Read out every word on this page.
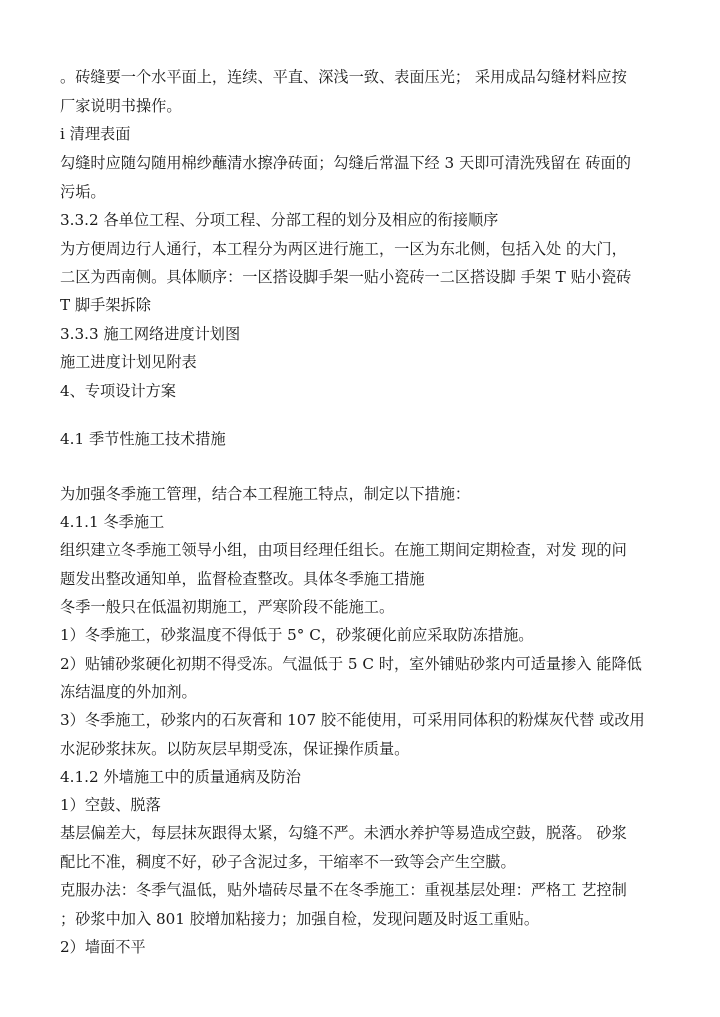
。砖缝要一个水平面上，连续、平直、深浅一致、表面压光； 采用成品勾缝材料应按
厂家说明书操作。
i 清理表面
勾缝时应随勾随用棉纱蘸清水擦净砖面；勾缝后常温下经 3 天即可清洗残留在 砖面的
污垢。
3.3.2 各单位工程、分项工程、分部工程的划分及相应的衔接顺序
为方便周边行人通行，本工程分为两区进行施工，一区为东北侧，包括入处 的大门，
二区为西南侧。具体顺序：一区搭设脚手架一贴小瓷砖一二区搭设脚 手架 T 贴小瓷砖
T 脚手架拆除
3.3.3 施工网络进度计划图
施工进度计划见附表
4、专项设计方案
4.1 季节性施工技术措施
为加强冬季施工管理，结合本工程施工特点，制定以下措施：
4.1.1 冬季施工
组织建立冬季施工领导小组，由项目经理任组长。在施工期间定期检查，对发 现的问
题发出整改通知单，监督检查整改。具体冬季施工措施
冬季一般只在低温初期施工，严寒阶段不能施工。
1）冬季施工，砂浆温度不得低于 5° C，砂浆硬化前应采取防冻措施。
2）贴铺砂浆硬化初期不得受冻。气温低于 5 C 时，室外铺贴砂浆内可适量掺入 能降低
冻结温度的外加剂。
3）冬季施工，砂浆内的石灰膏和 107 胶不能使用，可采用同体积的粉煤灰代替 或改用
水泥砂浆抹灰。以防灰层早期受冻，保证操作质量。
4.1.2 外墙施工中的质量通病及防治
1）空鼓、脱落
基层偏差大，每层抹灰跟得太紧，勾缝不严。未洒水养护等易造成空鼓，脱落。 砂浆
配比不准，稠度不好，砂子含泥过多，干缩率不一致等会产生空臌。
克服办法：冬季气温低，贴外墙砖尽量不在冬季施工：重视基层处理：严格工 艺控制
；砂浆中加入 801 胶增加粘接力；加强自检，发现问题及时返工重贴。
2）墙面不平
